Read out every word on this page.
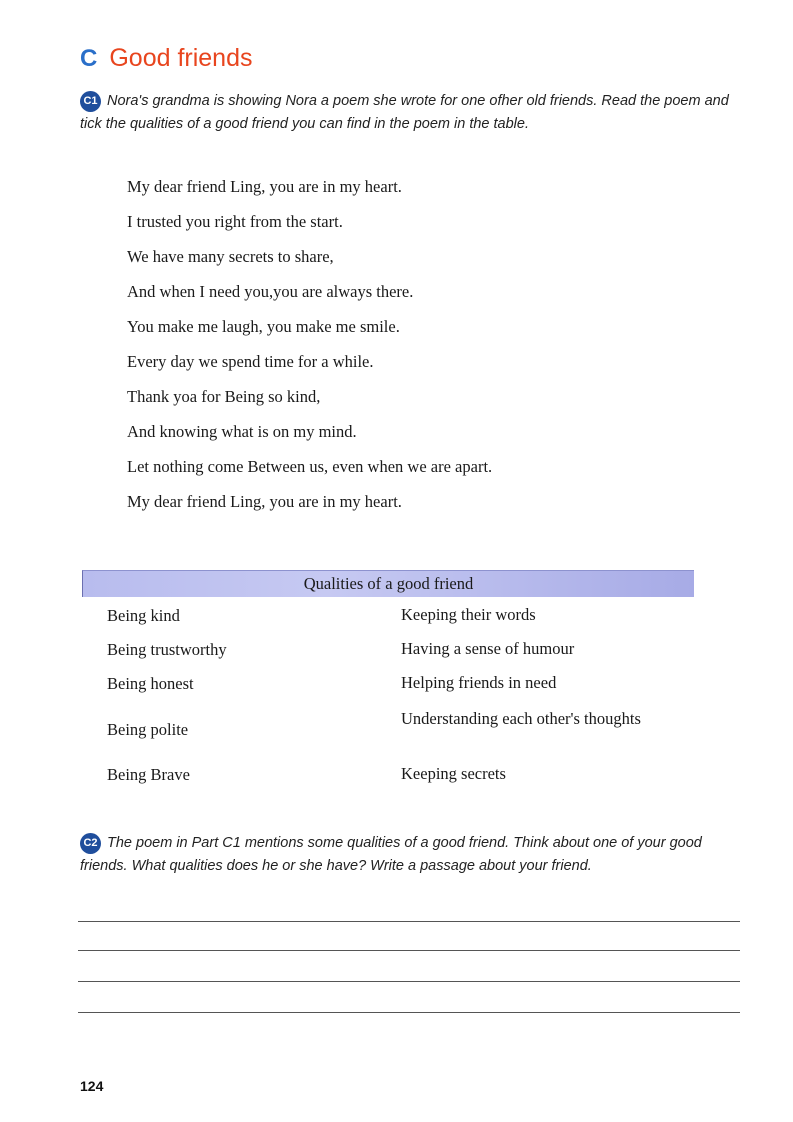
C Good friends
C1 Nora's grandma is showing Nora a poem she wrote for one ofher old friends. Read the poem and tick the qualities of a good friend you can find in the poem in the table.
My dear friend Ling, you are in my heart.
I trusted you right from the start.
We have many secrets to share,
And when I need you,you are always there.
You make me laugh, you make me smile.
Every day we spend time for a while.
Thank yoa for Being so kind,
And knowing what is on my mind.
Let nothing come Between us, even when we are apart.
My dear friend Ling, you are in my heart.
Qualities of a good friend
Being kind
Being trustworthy
Being honest
Being polite
Being Brave
Keeping their words
Having a sense of humour
Helping friends in need
Understanding each other's thoughts
Keeping secrets
C2 The poem in Part C1 mentions some qualities of a good friend. Think about one of your good friends. What qualities does he or she have? Write a passage about your friend.
124
